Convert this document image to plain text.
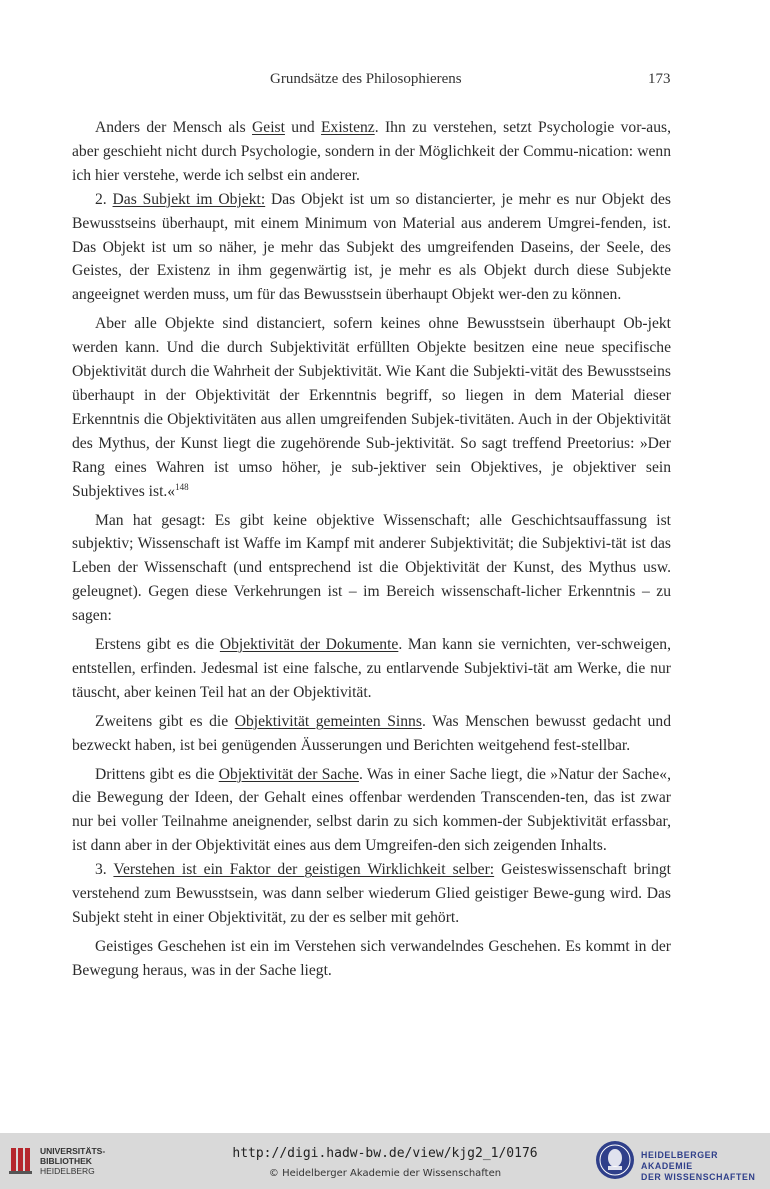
Grundsätze des Philosophierens	173

Anders der Mensch als Geist und Existenz. Ihn zu verstehen, setzt Psychologie vor-aus, aber geschieht nicht durch Psychologie, sondern in der Möglichkeit der Commu-nication: wenn ich hier verstehe, werde ich selbst ein anderer.

2. Das Subjekt im Objekt: Das Objekt ist um so distancierter, je mehr es nur Objekt des Bewusstseins überhaupt, mit einem Minimum von Material aus anderem Umgrei-fenden, ist. Das Objekt ist um so näher, je mehr das Subjekt des umgreifenden Daseins, der Seele, des Geistes, der Existenz in ihm gegenwärtig ist, je mehr es als Objekt durch diese Subjekte angeeignet werden muss, um für das Bewusstsein überhaupt Objekt wer-den zu können.

Aber alle Objekte sind distanciert, sofern keines ohne Bewusstsein überhaupt Ob-jekt werden kann. Und die durch Subjektivität erfüllten Objekte besitzen eine neue specifische Objektivität durch die Wahrheit der Subjektivität. Wie Kant die Subjekti-vität des Bewusstseins überhaupt in der Objektivität der Erkenntnis begriff, so liegen in dem Material dieser Erkenntnis die Objektivitäten aus allen umgreifenden Subjek-tivitäten. Auch in der Objektivität des Mythus, der Kunst liegt die zugehörende Sub-jektivität. So sagt treffend Preetorius: »Der Rang eines Wahren ist umso höher, je sub-jektiver sein Objektives, je objektiver sein Subjektives ist.«$^{148}$

Man hat gesagt: Es gibt keine objektive Wissenschaft; alle Geschichtsauffassung ist subjektiv; Wissenschaft ist Waffe im Kampf mit anderer Subjektivität; die Subjektivi-tät ist das Leben der Wissenschaft (und entsprechend ist die Objektivität der Kunst, des Mythus usw. geleugnet). Gegen diese Verkehrungen ist – im Bereich wissenschaft-licher Erkenntnis – zu sagen:

Erstens gibt es die Objektivität der Dokumente. Man kann sie vernichten, ver-schweigen, entstellen, erfinden. Jedesmal ist eine falsche, zu entlarvende Subjektivi-tät am Werke, die nur täuscht, aber keinen Teil hat an der Objektivität.

Zweitens gibt es die Objektivität gemeinten Sinns. Was Menschen bewusst gedacht und bezweckt haben, ist bei genügenden Äusserungen und Berichten weitgehend fest-stellbar.

Drittens gibt es die Objektivität der Sache. Was in einer Sache liegt, die »Natur der Sache«, die Bewegung der Ideen, der Gehalt eines offenbar werdenden Transcenden-ten, das ist zwar nur bei voller Teilnahme aneignender, selbst darin zu sich kommen-der Subjektivität erfassbar, ist dann aber in der Objektivität eines aus dem Umgreifen-den sich zeigenden Inhalts.

3. Verstehen ist ein Faktor der geistigen Wirklichkeit selber: Geisteswissenschaft bringt verstehend zum Bewusstsein, was dann selber wiederum Glied geistiger Bewe-gung wird. Das Subjekt steht in einer Objektivität, zu der es selber mit gehört.

Geistiges Geschehen ist ein im Verstehen sich verwandelndes Geschehen. Es kommt in der Bewegung heraus, was in der Sache liegt.

UNIVERSITÄTS-
BIBLIOTHEK
HEIDELBERG
http://digi.hadw-bw.de/view/kjg2_1/0176
© Heidelberger Akademie der Wissenschaften
HEIDELBERGER AKADEMIE
DER WISSENSCHAFTEN
